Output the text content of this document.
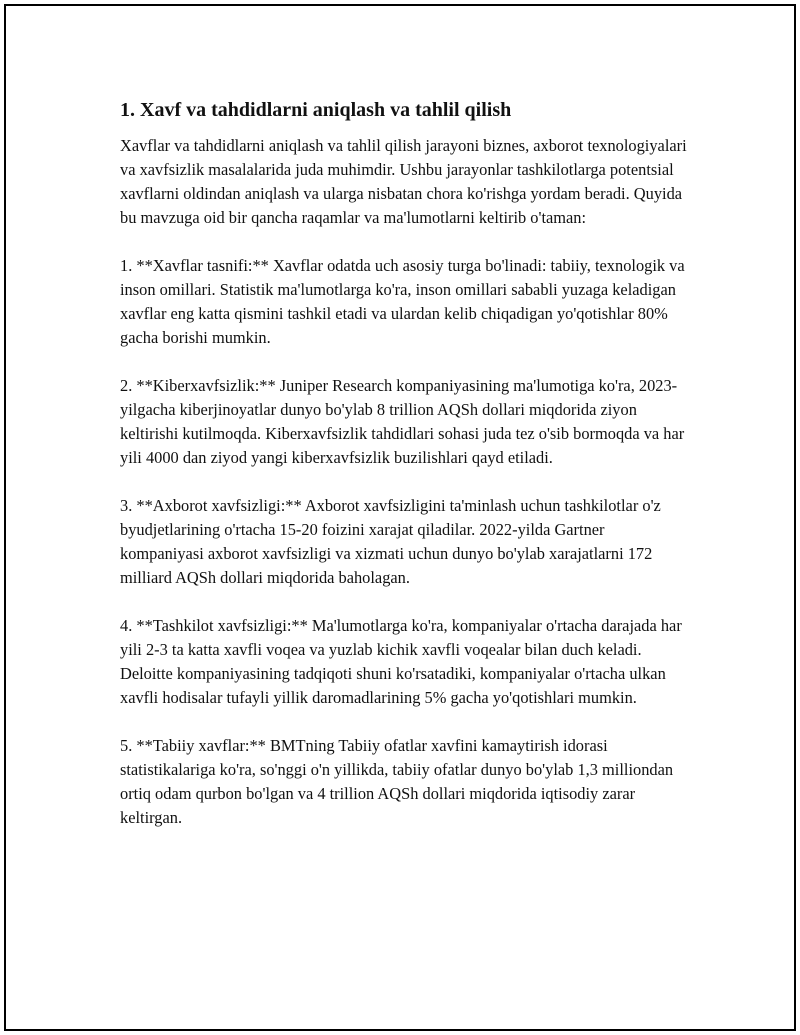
1. Xavf va tahdidlarni aniqlash va tahlil qilish

Xavflar va tahdidlarni aniqlash va tahlil qilish jarayoni biznes, axborot texnologiyalari va xavfsizlik masalalarida juda muhimdir. Ushbu jarayonlar tashkilotlarga potentsial xavflarni oldindan aniqlash va ularga nisbatan chora ko'rishga yordam beradi. Quyida bu mavzuga oid bir qancha raqamlar va ma'lumotlarni keltirib o'taman:

1. **Xavflar tasnifi:** Xavflar odatda uch asosiy turga bo'linadi: tabiiy, texnologik va inson omillari. Statistik ma'lumotlarga ko'ra, inson omillari sababli yuzaga keladigan xavflar eng katta qismini tashkil etadi va ulardan kelib chiqadigan yo'qotishlar 80% gacha borishi mumkin.

2. **Kiberxavfsizlik:** Juniper Research kompaniyasining ma'lumotiga ko'ra, 2023-yilgacha kiberjinoyatlar dunyo bo'ylab 8 trillion AQSh dollari miqdorida ziyon keltirishi kutilmoqda. Kiberxavfsizlik tahdidlari sohasi juda tez o'sib bormoqda va har yili 4000 dan ziyod yangi kiberxavfsizlik buzilishlari qayd etiladi.

3. **Axborot xavfsizligi:** Axborot xavfsizligini ta'minlash uchun tashkilotlar o'z byudjetlarining o'rtacha 15-20 foizini xarajat qiladilar. 2022-yilda Gartner kompaniyasi axborot xavfsizligi va xizmati uchun dunyo bo'ylab xarajatlarni 172 milliard AQSh dollari miqdorida baholagan.

4. **Tashkilot xavfsizligi:** Ma'lumotlarga ko'ra, kompaniyalar o'rtacha darajada har yili 2-3 ta katta xavfli voqea va yuzlab kichik xavfli voqealar bilan duch keladi. Deloitte kompaniyasining tadqiqoti shuni ko'rsatadiki, kompaniyalar o'rtacha ulkan xavfli hodisalar tufayli yillik daromadlarining 5% gacha yo'qotishlari mumkin.

5. **Tabiiy xavflar:** BMTning Tabiiy ofatlar xavfini kamaytirish idorasi statistikalariga ko'ra, so'nggi o'n yillikda, tabiiy ofatlar dunyo bo'ylab 1,3 milliondan ortiq odam qurbon bo'lgan va 4 trillion AQSh dollari miqdorida iqtisodiy zarar keltirgan.
